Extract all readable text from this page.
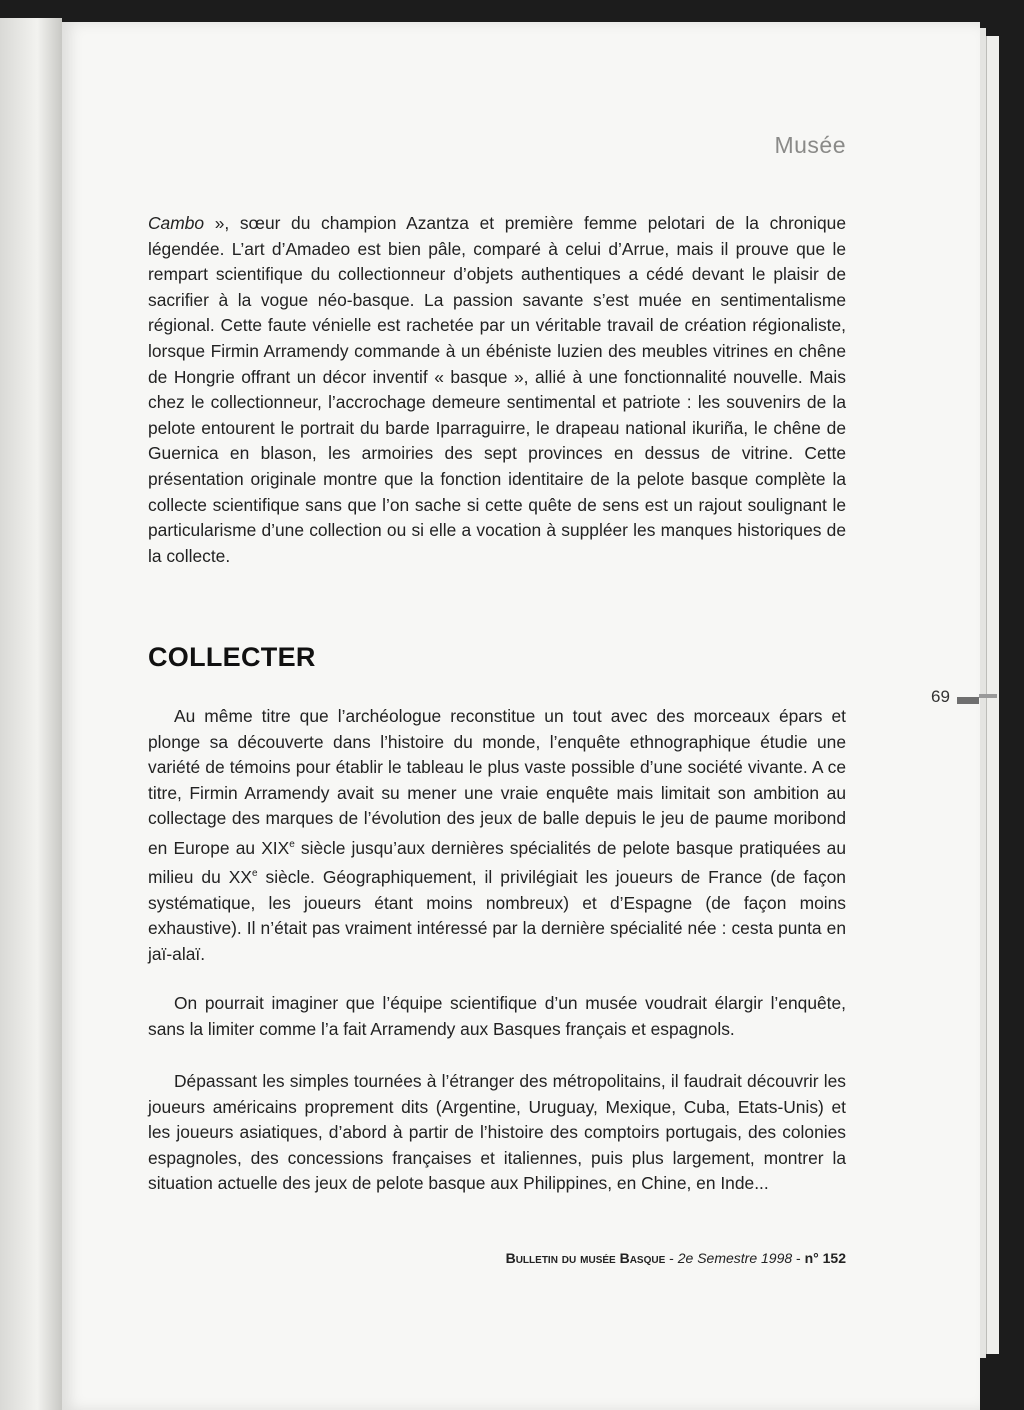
Musée
Cambo », sœur du champion Azantza et première femme pelotari de la chronique légendée. L’art d’Amadeo est bien pâle, comparé à celui d’Arrue, mais il prouve que le rempart scientifique du collectionneur d’objets authentiques a cédé devant le plaisir de sacrifier à la vogue néo-basque. La passion savante s’est muée en sentimentalisme régional. Cette faute vénielle est rachetée par un véritable travail de création régionaliste, lorsque Firmin Arramendy commande à un ébéniste luzien des meubles vitrines en chêne de Hongrie offrant un décor inventif « basque », allié à une fonctionnalité nouvelle. Mais chez le collectionneur, l’accrochage demeure sentimental et patriote : les souvenirs de la pelote entourent le portrait du barde Iparraguirre, le drapeau national ikuriña, le chêne de Guernica en blason, les armoiries des sept provinces en dessus de vitrine. Cette présentation originale montre que la fonction identitaire de la pelote basque complète la collecte scientifique sans que l’on sache si cette quête de sens est un rajout soulignant le particularisme d’une collection ou si elle a vocation à suppléer les manques historiques de la collecte.
COLLECTER
Au même titre que l’archéologue reconstitue un tout avec des morceaux épars et plonge sa découverte dans l’histoire du monde, l’enquête ethnographique étudie une variété de témoins pour établir le tableau le plus vaste possible d’une société vivante. A ce titre, Firmin Arramendy avait su mener une vraie enquête mais limitait son ambition au collectage des marques de l’évolution des jeux de balle depuis le jeu de paume moribond en Europe au XIXe siècle jusqu’aux dernières spécialités de pelote basque pratiquées au milieu du XXe siècle. Géographiquement, il privilégiait les joueurs de France (de façon systématique, les joueurs étant moins nombreux) et d’Espagne (de façon moins exhaustive). Il n’était pas vraiment intéressé par la dernière spécialité née : cesta punta en jaï-alaï.
On pourrait imaginer que l’équipe scientifique d’un musée voudrait élargir l’enquête, sans la limiter comme l’a fait Arramendy aux Basques français et espagnols.
Dépassant les simples tournées à l’étranger des métropolitains, il faudrait découvrir les joueurs américains proprement dits (Argentine, Uruguay, Mexique, Cuba, Etats-Unis) et les joueurs asiatiques, d’abord à partir de l’histoire des comptoirs portugais, des colonies espagnoles, des concessions françaises et italiennes, puis plus largement, montrer la situation actuelle des jeux de pelote basque aux Philippines, en Chine, en Inde...
69
Bulletin du musée Basque - 2e Semestre 1998 - n° 152
